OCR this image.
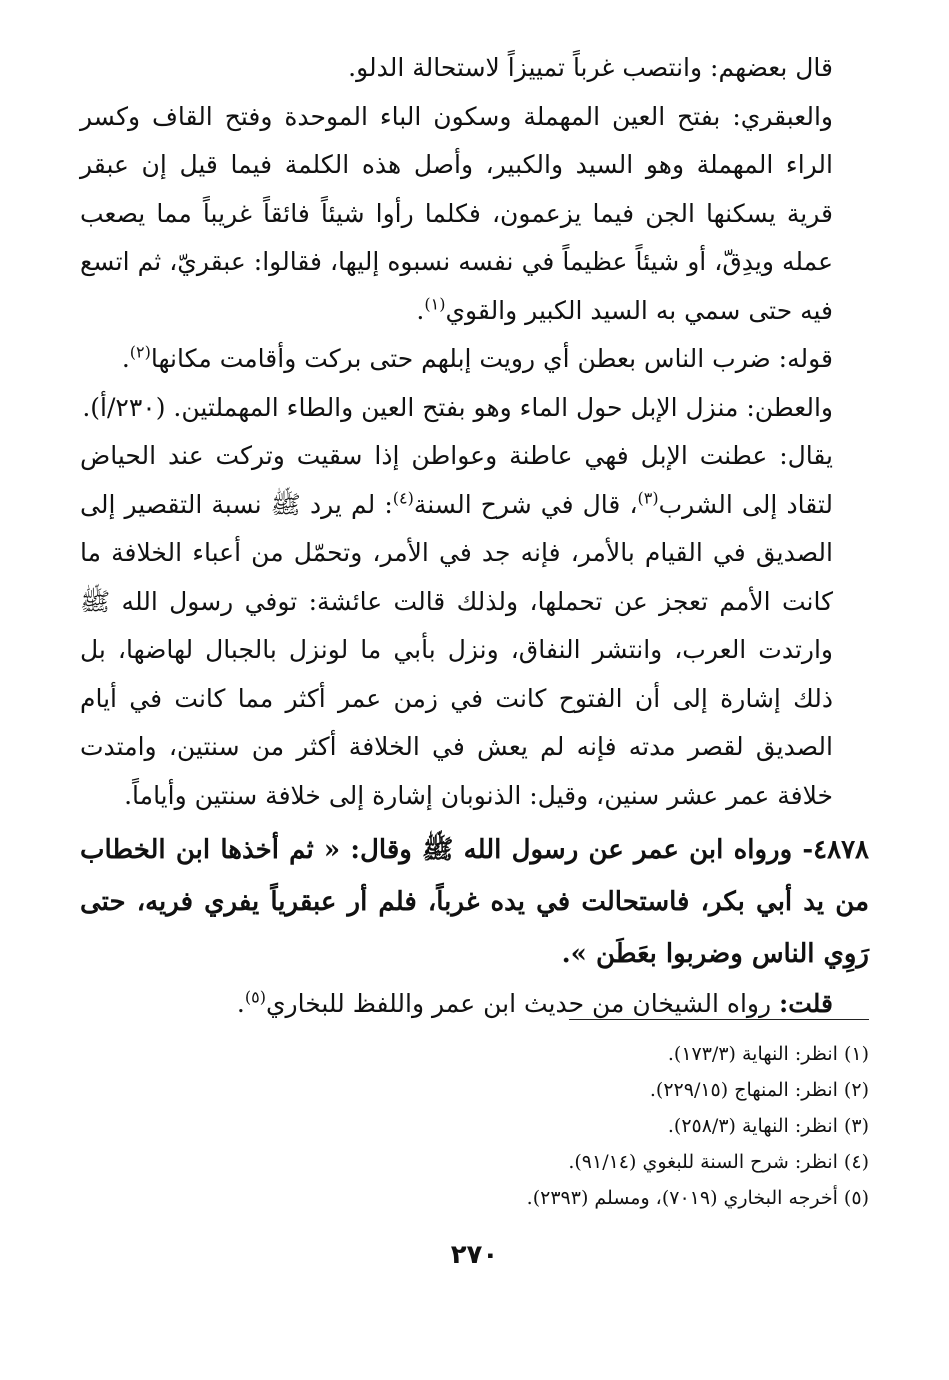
قال بعضهم: وانتصب غرباً تمييزاً لاستحالة الدلو.

والعبقري: بفتح العين المهملة وسكون الباء الموحدة وفتح القاف وكسر الراء المهملة وهو السيد والكبير، وأصل هذه الكلمة فيما قيل إن عبقر قرية يسكنها الجن فيما يزعمون، فكلما رأوا شيئاً فائقاً غريباً مما يصعب عمله ويدِقّ، أو شيئاً عظيماً في نفسه نسبوه إليها، فقالوا: عبقريّ، ثم اتسع فيه حتى سمي به السيد الكبير والقوي$^{(١)}$.

قوله: ضرب الناس بعطن أي رويت إبلهم حتى بركت وأقامت مكانها$^{(٢)}$.

والعطن: منزل الإبل حول الماء وهو بفتح العين والطاء المهملتين. (٢٣٠/أ).

يقال: عطنت الإبل فهي عاطنة وعواطن إذا سقيت وتركت عند الحياض لتقاد إلى الشرب$^{(٣)}$، قال في شرح السنة$^{(٤)}$: لم يرد ﷺ نسبة التقصير إلى الصديق في القيام بالأمر، فإنه جد في الأمر، وتحمّل من أعباء الخلافة ما كانت الأمم تعجز عن تحملها، ولذلك قالت عائشة: توفي رسول الله ﷺ وارتدت العرب، وانتشر النفاق، ونزل بأبي ما لونزل بالجبال لهاضها، بل ذلك إشارة إلى أن الفتوح كانت في زمن عمر أكثر مما كانت في أيام الصديق لقصر مدته فإنه لم يعش في الخلافة أكثر من سنتين، وامتدت خلافة عمر عشر سنين، وقيل: الذنوبان إشارة إلى خلافة سنتين وأياماً.

٤٨٧٨- ورواه ابن عمر عن رسول الله ﷺ وقال: « ثم أخذها ابن الخطاب من يد أبي بكر، فاستحالت في يده غرباً، فلم أر عبقرياً يفري فريه، حتى رَوِي الناس وضربوا بعَطَن ».

قلت: رواه الشيخان من حديث ابن عمر واللفظ للبخاري$^{(٥)}$.

(١) انظر: النهاية (١٧٣/٣).
(٢) انظر: المنهاج (٢٢٩/١٥).
(٣) انظر: النهاية (٢٥٨/٣).
(٤) انظر: شرح السنة للبغوي (٩١/١٤).
(٥) أخرجه البخاري (٧٠١٩)، ومسلم (٢٣٩٣).
٢٧٠
